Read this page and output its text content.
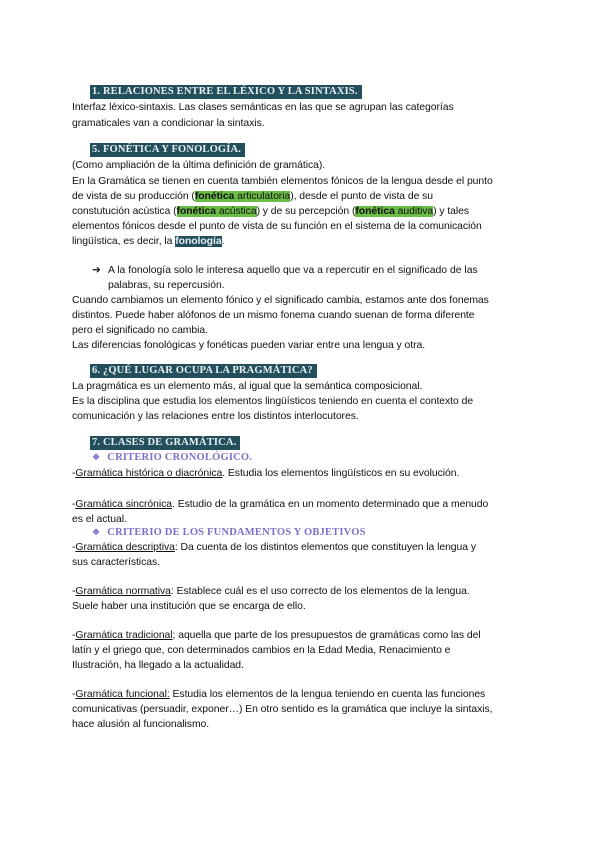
1. RELACIONES ENTRE EL LÉXICO Y LA SINTAXIS.
Interfaz léxico-sintaxis. Las clases semánticas en las que se agrupan las categorías
gramaticales van a condicionar la sintaxis.
5. FONÉTICA Y FONOLOGÍA.
(Como ampliación de la última definición de gramática).
En la Gramática se tienen en cuenta también elementos fónicos de la lengua desde el punto
de vista de su producción (fonética articulatoria), desde el punto de vista de su
constutución acústica (fonética acústica) y de su percepción (fonética auditiva) y tales
elementos fónicos desde el punto de vista de su función en el sistema de la comunicación
lingüística, es decir, la fonología.
➔ A la fonología solo le interesa aquello que va a repercutir en el significado de las
palabras, su repercusión.
Cuando cambiamos un elemento fónico y el significado cambia, estamos ante dos fonemas
distintos. Puede haber alófonos de un mismo fonema cuando suenan de forma diferente
pero el significado no cambia.
Las diferencias fonológicas y fonéticas pueden variar entre una lengua y otra.
6. ¿QUÉ LUGAR OCUPA LA PRAGMÁTICA?
La pragmática es un elemento más, al igual que la semántica composicional.
Es la disciplina que estudia los elementos lingüísticos teniendo en cuenta el contexto de
comunicación y las relaciones entre los distintos interlocutores.
7. CLASES DE GRAMÁTICA.
❖ CRITERIO CRONOLÓGICO.
-Gramática histórica o diacrónica. Estudia los elementos lingüísticos en su evolución.
-Gramática sincrónica. Estudio de la gramática en un momento determinado que a menudo
es el actual.
❖ CRITERIO DE LOS FUNDAMENTOS Y OBJETIVOS
-Gramática descriptiva: Da cuenta de los distintos elementos que constituyen la lengua y
sus características.
-Gramática normativa: Establece cuál es el uso correcto de los elementos de la lengua.
Suele haber una institución que se encarga de ello.
-Gramática tradicional; aquella que parte de los presupuestos de gramáticas como las del
latín y el griego que, con determinados cambios en la Edad Media, Renacimiento e
Ilustración, ha llegado a la actualidad.
-Gramática funcional: Estudia los elementos de la lengua teniendo en cuenta las funciones
comunicativas (persuadir, exponer…) En otro sentido es la gramática que incluye la sintaxis,
hace alusión al funcionalismo.
